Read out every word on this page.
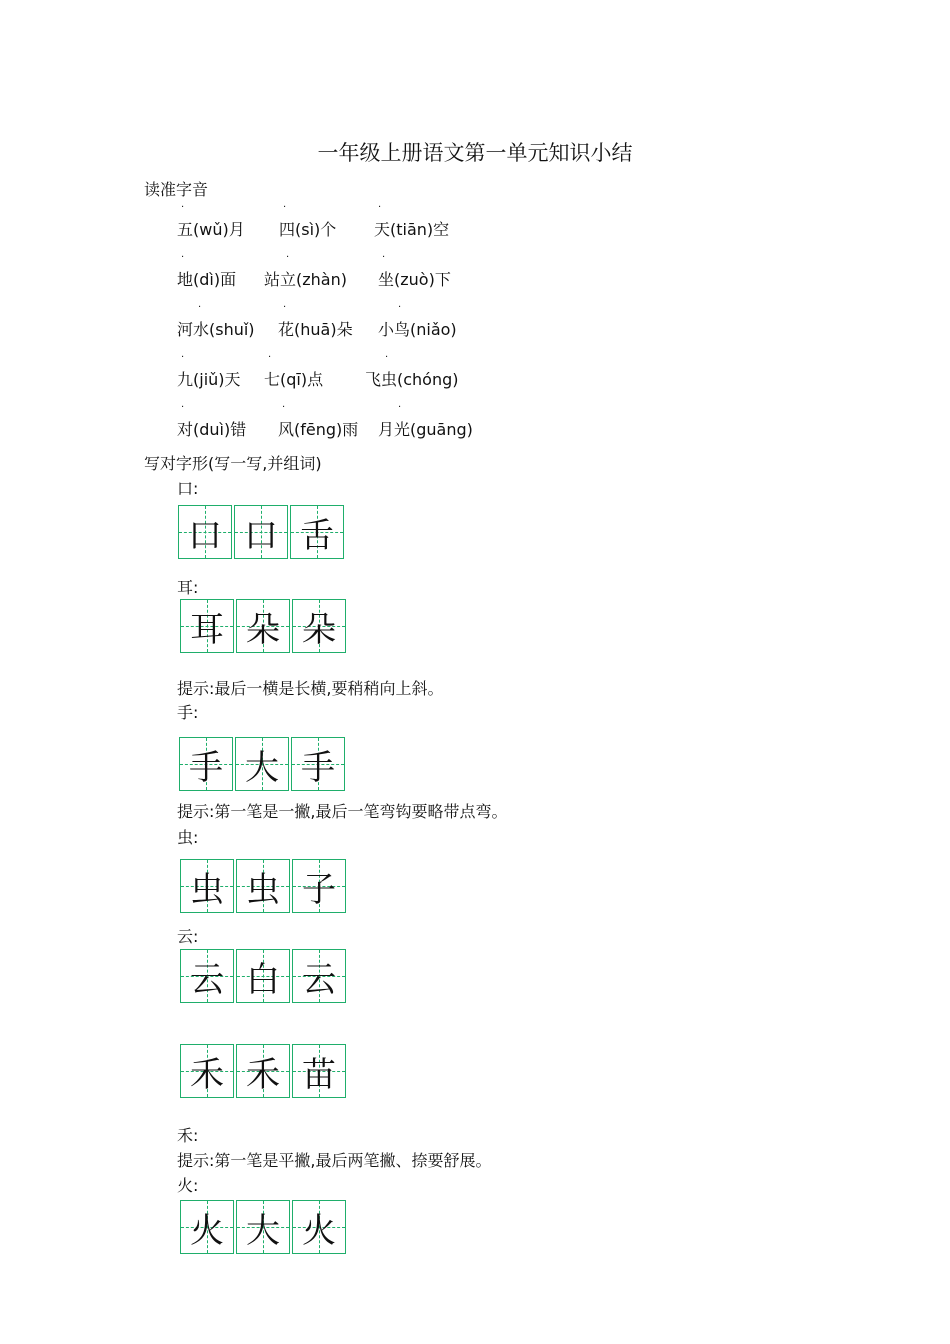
一年级上册语文第一单元知识小结
读准字音
·	·	·
五(wǔ)月 四(sì)个 天(tiān)空
·	·	·
地(dì)面 站立(zhàn) 坐(zuò)下
·	·	·
河水(shuǐ) 花(huā)朵 小鸟(niǎo)
·	·	·
九(jiǔ)天 七(qī)点	飞虫(chóng)
·	·	·
对(duì)错 风(fēng)雨 月光(guāng)
写对字形(写一写,并组词)
口:
口 口 舌
耳:
耳 朵 朵
提示:最后一横是长横,要稍稍向上斜。
手:
手 大 手
提示:第一笔是一撇,最后一笔弯钩要略带点弯。
虫:
虫 虫 子
云:
云 白 云
禾 禾 苗
禾:
提示:第一笔是平撇,最后两笔撇、捺要舒展。
火:
火 大 火
